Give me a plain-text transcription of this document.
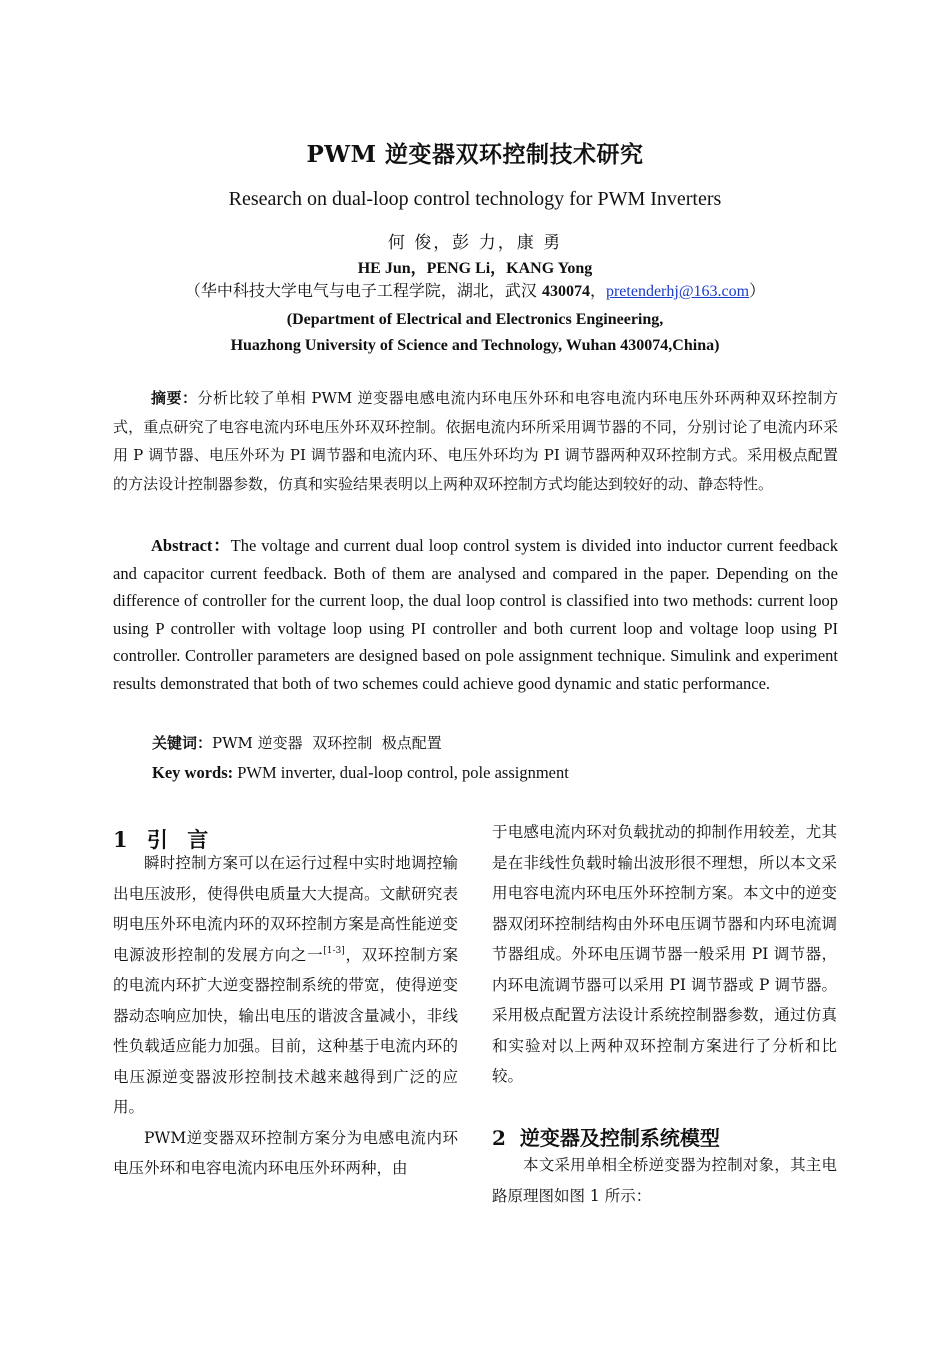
PWM 逆变器双环控制技术研究
Research on dual-loop control technology for PWM Inverters
何 俊，彭 力，康 勇
HE Jun，PENG Li，KANG Yong
（华中科技大学电气与电子工程学院，湖北，武汉 430074，pretenderhj@163.com）
(Department of Electrical and Electronics Engineering,
Huazhong University of Science and Technology, Wuhan 430074,China)
摘要：分析比较了单相 PWM 逆变器电感电流内环电压外环和电容电流内环电压外环两种双环控制方式，重点研究了电容电流内环电压外环双环控制。依据电流内环所采用调节器的不同，分别讨论了电流内环采用 P 调节器、电压外环为 PI 调节器和电流内环、电压外环均为 PI 调节器两种双环控制方式。采用极点配置的方法设计控制器参数，仿真和实验结果表明以上两种双环控制方式均能达到较好的动、静态特性。
Abstract：The voltage and current dual loop control system is divided into inductor current feedback and capacitor current feedback. Both of them are analysed and compared in the paper. Depending on the difference of controller for the current loop, the dual loop control is classified into two methods: current loop using P controller with voltage loop using PI controller and both current loop and voltage loop using PI controller. Controller parameters are designed based on pole assignment technique. Simulink and experiment results demonstrated that both of two schemes could achieve good dynamic and static performance.
关键词：PWM 逆变器  双环控制  极点配置
Key words: PWM inverter, dual-loop control, pole assignment
1 引 言

瞬时控制方案可以在运行过程中实时地调控输出电压波形，使得供电质量大大提高。文献研究表明电压外环电流内环的双环控制方案是高性能逆变电源波形控制的发展方向之一[1-3]，双环控制方案的电流内环扩大逆变器控制系统的带宽，使得逆变器动态响应加快，输出电压的谐波含量减小，非线性负载适应能力加强。目前，这种基于电流内环的电压源逆变器波形控制技术越来越得到广泛的应用。

PWM逆变器双环控制方案分为电感电流内环电压外环和电容电流内环电压外环两种，由

于电感电流内环对负载扰动的抑制作用较差，尤其是在非线性负载时输出波形很不理想，所以本文采用电容电流内环电压外环控制方案。本文中的逆变器双闭环控制结构由外环电压调节器和内环电流调节器组成。外环电压调节器一般采用 PI 调节器，内环电流调节器可以采用 PI 调节器或 P 调节器。采用极点配置方法设计系统控制器参数，通过仿真和实验对以上两种双环控制方案进行了分析和比较。

2  逆变器及控制系统模型

本文采用单相全桥逆变器为控制对象，其主电路原理图如图 1 所示：
